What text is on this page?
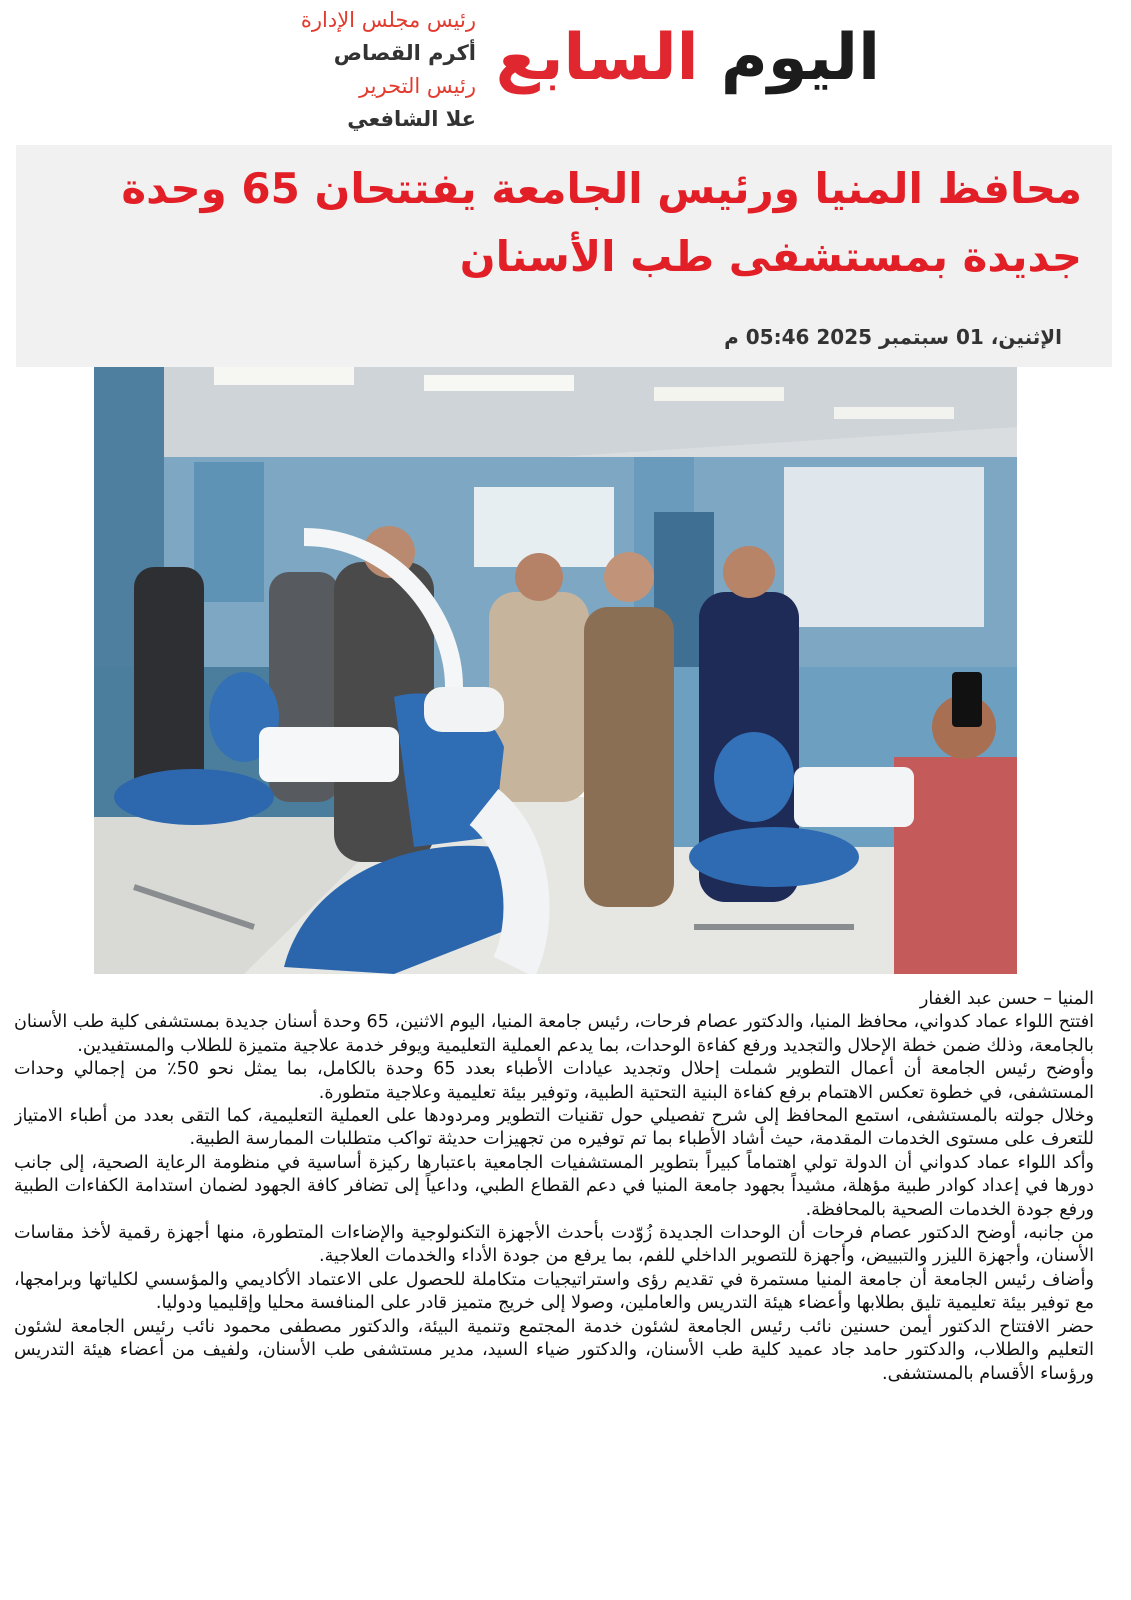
اليوم السابع
رئيس مجلس الإدارة
أكرم القصاص
رئيس التحرير
علا الشافعي
محافظ المنيا ورئيس الجامعة يفتتحان 65 وحدة جديدة بمستشفى طب الأسنان
الإثنين، 01 سبتمبر 2025 05:46 م

المنيا – حسن عبد الغفار

افتتح اللواء عماد كدواني، محافظ المنيا، والدكتور عصام فرحات، رئيس جامعة المنيا، اليوم الاثنين، 65 وحدة أسنان جديدة بمستشفى كلية طب الأسنان بالجامعة، وذلك ضمن خطة الإحلال والتجديد ورفع كفاءة الوحدات، بما يدعم العملية التعليمية ويوفر خدمة علاجية متميزة للطلاب والمستفيدين.

وأوضح رئيس الجامعة أن أعمال التطوير شملت إحلال وتجديد عيادات الأطباء بعدد 65 وحدة بالكامل، بما يمثل نحو 50٪ من إجمالي وحدات المستشفى، في خطوة تعكس الاهتمام برفع كفاءة البنية التحتية الطبية، وتوفير بيئة تعليمية وعلاجية متطورة.

وخلال جولته بالمستشفى، استمع المحافظ إلى شرح تفصيلي حول تقنيات التطوير ومردودها على العملية التعليمية، كما التقى بعدد من أطباء الامتياز للتعرف على مستوى الخدمات المقدمة، حيث أشاد الأطباء بما تم توفيره من تجهيزات حديثة تواكب متطلبات الممارسة الطبية.

وأكد اللواء عماد كدواني أن الدولة تولي اهتماماً كبيراً بتطوير المستشفيات الجامعية باعتبارها ركيزة أساسية في منظومة الرعاية الصحية، إلى جانب دورها في إعداد كوادر طبية مؤهلة، مشيداً بجهود جامعة المنيا في دعم القطاع الطبي، وداعياً إلى تضافر كافة الجهود لضمان استدامة الكفاءات الطبية ورفع جودة الخدمات الصحية بالمحافظة.

من جانبه، أوضح الدكتور عصام فرحات أن الوحدات الجديدة زُوّدت بأحدث الأجهزة التكنولوجية والإضاءات المتطورة، منها أجهزة رقمية لأخذ مقاسات الأسنان، وأجهزة الليزر والتبييض، وأجهزة للتصوير الداخلي للفم، بما يرفع من جودة الأداء والخدمات العلاجية.

وأضاف رئيس الجامعة أن جامعة المنيا مستمرة في تقديم رؤى واستراتيجيات متكاملة للحصول على الاعتماد الأكاديمي والمؤسسي لكلياتها وبرامجها، مع توفير بيئة تعليمية تليق بطلابها وأعضاء هيئة التدريس والعاملين، وصولا إلى خريج متميز قادر على المنافسة محليا وإقليميا ودوليا.

حضر الافتتاح الدكتور أيمن حسنين نائب رئيس الجامعة لشئون خدمة المجتمع وتنمية البيئة، والدكتور مصطفى محمود نائب رئيس الجامعة لشئون التعليم والطلاب، والدكتور حامد جاد عميد كلية طب الأسنان، والدكتور ضياء السيد، مدير مستشفى طب الأسنان، ولفيف من أعضاء هيئة التدريس ورؤساء الأقسام بالمستشفى.
